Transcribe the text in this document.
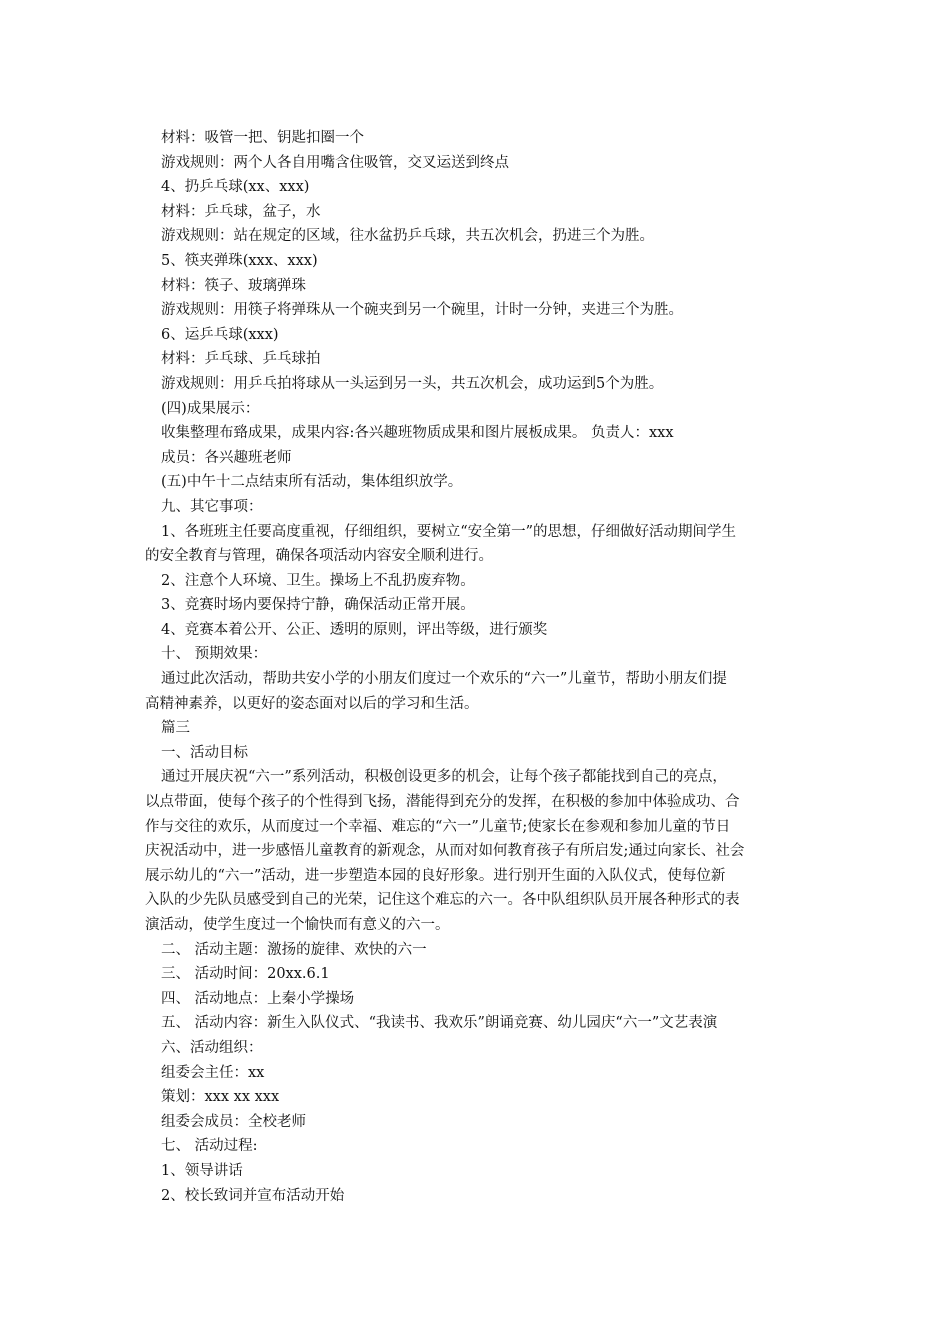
材料：吸管一把、钥匙扣圈一个
游戏规则：两个人各自用嘴含住吸管，交叉运送到终点
4、扔乒乓球(xx、xxx)
材料：乒乓球，盆子，水
游戏规则：站在规定的区域，往水盆扔乒乓球，共五次机会，扔进三个为胜。
5、筷夹弹珠(xxx、xxx)
材料：筷子、玻璃弹珠
游戏规则：用筷子将弹珠从一个碗夹到另一个碗里，计时一分钟，夹进三个为胜。
6、运乒乓球(xxx)
材料：乒乓球、乒乓球拍
游戏规则：用乒乓拍将球从一头运到另一头，共五次机会，成功运到5个为胜。
(四)成果展示：
收集整理布臵成果，成果内容:各兴趣班物质成果和图片展板成果。 负责人：xxx
成员：各兴趣班老师
(五)中午十二点结束所有活动，集体组织放学。
九、其它事项：
1、各班班主任要高度重视，仔细组织，要树立“安全第一”的思想，仔细做好活动期间学生
的安全教育与管理，确保各项活动内容安全顺利进行。
2、注意个人环境、卫生。操场上不乱扔废弃物。
3、竞赛时场内要保持宁静，确保活动正常开展。
4、竞赛本着公开、公正、透明的原则，评出等级，进行颁奖
十、 预期效果：
通过此次活动，帮助共安小学的小朋友们度过一个欢乐的“六一”儿童节，帮助小朋友们提
高精神素养，以更好的姿态面对以后的学习和生活。
篇三
一、活动目标
通过开展庆祝“六一”系列活动，积极创设更多的机会，让每个孩子都能找到自己的亮点，
以点带面，使每个孩子的个性得到飞扬，潜能得到充分的发挥，在积极的参加中体验成功、合
作与交往的欢乐，从而度过一个幸福、难忘的“六一”儿童节;使家长在参观和参加儿童的节日
庆祝活动中，进一步感悟儿童教育的新观念，从而对如何教育孩子有所启发;通过向家长、社会
展示幼儿的“六一”活动，进一步塑造本园的良好形象。进行别开生面的入队仪式，使每位新
入队的少先队员感受到自己的光荣，记住这个难忘的六一。各中队组织队员开展各种形式的表
演活动，使学生度过一个愉快而有意义的六一。
二、 活动主题：激扬的旋律、欢快的六一
三、 活动时间：20xx.6.1
四、 活动地点：上秦小学操场
五、 活动内容：新生入队仪式、“我读书、我欢乐”朗诵竞赛、幼儿园庆“六一”文艺表演
六、活动组织：
组委会主任：xx
策划：xxx xx xxx
组委会成员：全校老师
七、 活动过程:
1、领导讲话
2、校长致词并宣布活动开始
